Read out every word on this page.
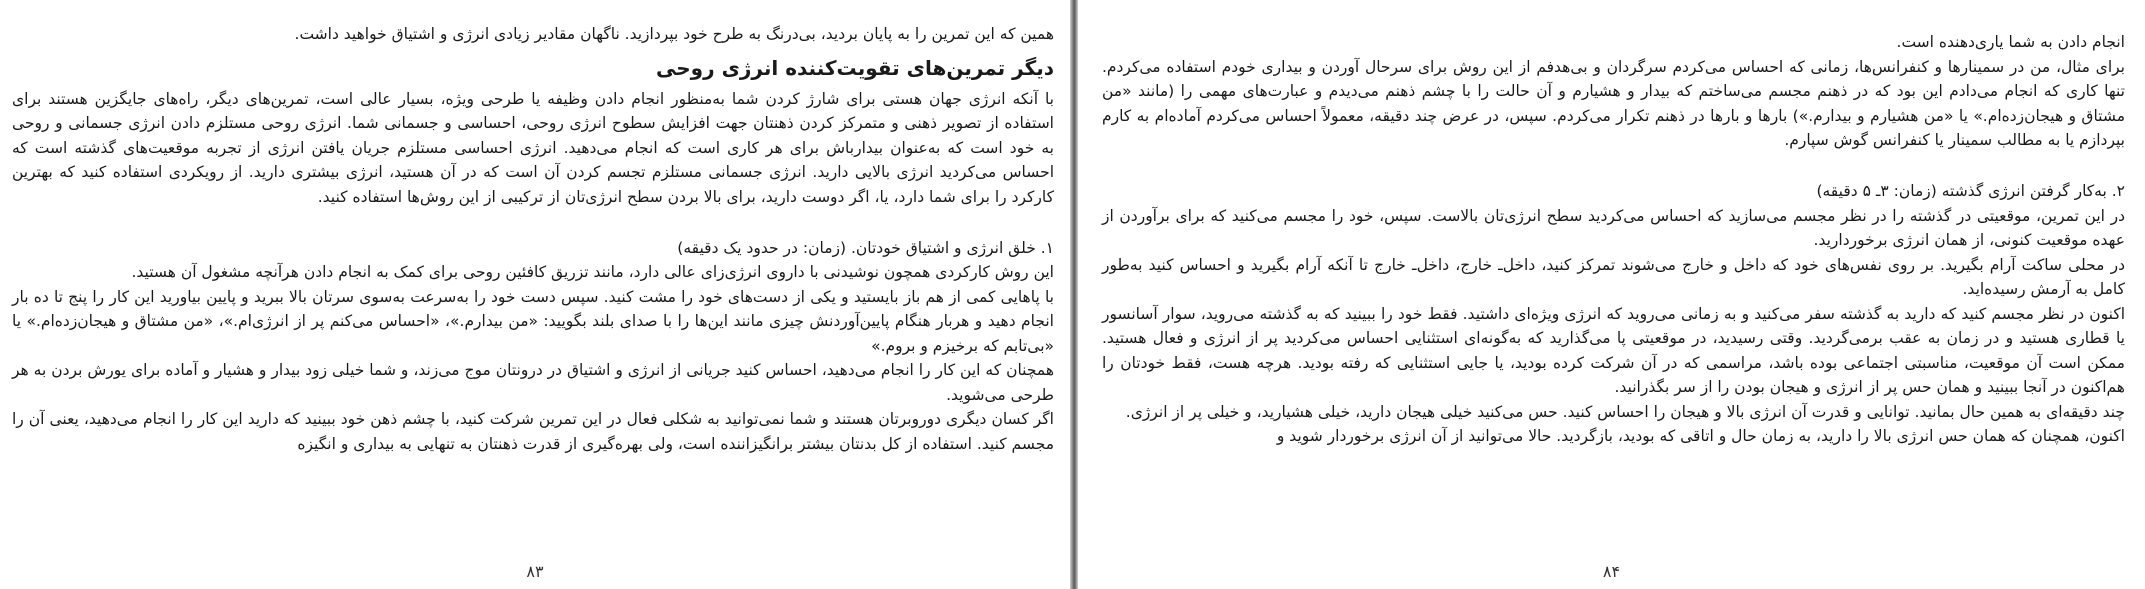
همین که این تمرین را به پایان بردید، بی‌درنگ به طرح خود بپردازید. ناگهان مقادیر زیادی انرژی و اشتیاق خواهید داشت.

دیگر تمرین‌های تقویت‌کننده انرژی روحی

با آنکه انرژی جهان هستی برای شارژ کردن شما به‌منظور انجام دادن وظیفه یا طرحی ویژه، بسیار عالی است، تمرین‌های دیگر، راه‌های جایگزین هستند برای استفاده از تصویر ذهنی و متمرکز کردن ذهنتان جهت افزایش سطوح انرژی روحی، احساسی و جسمانی شما. انرژی روحی مستلزم دادن انرژی جسمانی و روحی به خود است که به‌عنوان بیدارباش برای هر کاری است که انجام می‌دهید. انرژی احساسی مستلزم جریان یافتن انرژی از تجربه موقعیت‌های گذشته است که احساس می‌کردید انرژی بالایی دارید. انرژی جسمانی مستلزم تجسم کردن آن است که در آن هستید، انرژی بیشتری دارید. از رویکردی استفاده کنید که بهترین کارکرد را برای شما دارد، یا، اگر دوست دارید، برای بالا بردن سطح انرژی‌تان از ترکیبی از این روش‌ها استفاده کنید.

۱. خلق انرژی و اشتیاق خودتان. (زمان: در حدود یک دقیقه)

این روش کارکردی همچون نوشیدنی با داروی انرژی‌زای عالی دارد، مانند تزریق کافئین روحی برای کمک به انجام دادن هرآنچه مشغول آن هستید.

با پاهایی کمی از هم باز بایستید و یکی از دست‌های خود را مشت کنید. سپس دست خود را به‌سرعت به‌سوی سرتان بالا ببرید و پایین بیاورید این کار را پنج تا ده بار انجام دهید و هربار هنگام پایین‌آوردنش چیزی مانند این‌ها را با صدای بلند بگویید: «من بیدارم.»، «احساس می‌کنم پر از انرژی‌ام.»، «من مشتاق و هیجان‌زده‌ام.» یا «بی‌تابم که برخیزم و بروم.»

همچنان که این کار را انجام می‌دهید، احساس کنید جریانی از انرژی و اشتیاق در درونتان موج می‌زند، و شما خیلی زود بیدار و هشیار و آماده برای یورش بردن به هر طرحی می‌شوید.

اگر کسان دیگری دوروبرتان هستند و شما نمی‌توانید به شکلی فعال در این تمرین شرکت کنید، با چشم ذهن خود ببینید که دارید این کار را انجام می‌دهید، یعنی آن را مجسم کنید. استفاده از کل بدنتان بیشتر برانگیزاننده است، ولی بهره‌گیری از قدرت ذهنتان به تنهایی به بیداری و انگیزه

۸۳

انجام دادن به شما یاری‌دهنده است.

برای مثال، من در سمینارها و کنفرانس‌ها، زمانی که احساس می‌کردم سرگردان و بی‌هدفم از این روش برای سرحال آوردن و بیداری خودم استفاده می‌کردم. تنها کاری که انجام می‌دادم این بود که در ذهنم مجسم می‌ساختم که بیدار و هشیارم و آن حالت را با چشم ذهنم می‌دیدم و عبارت‌های مهمی را (مانند «من مشتاق و هیجان‌زده‌ام.» یا «من هشیارم و بیدارم.») بارها و بارها در ذهنم تکرار می‌کردم. سپس، در عرض چند دقیقه، معمولاً احساس می‌کردم آماده‌ام به کارم بپردازم یا به مطالب سمینار یا کنفرانس گوش سپارم.

۲. به‌کار گرفتن انرژی گذشته (زمان: ۳ـ ۵ دقیقه)

در این تمرین، موقعیتی در گذشته را در نظر مجسم می‌سازید که احساس می‌کردید سطح انرژی‌تان بالاست. سپس، خود را مجسم می‌کنید که برای برآوردن از عهده موقعیت کنونی، از همان انرژی برخوردارید.

در محلی ساکت آرام بگیرید. بر روی نفس‌های خود که داخل و خارج می‌شوند تمرکز کنید، داخل‌ـ خارج، داخل‌ـ خارج تا آنکه آرام بگیرید و احساس کنید به‌طور کامل به آرمش رسیده‌اید.

اکنون در نظر مجسم کنید که دارید به گذشته سفر می‌کنید و به زمانی می‌روید که انرژی ویژه‌ای داشتید. فقط خود را ببینید که به گذشته می‌روید، سوار آسانسور یا قطاری هستید و در زمان به عقب برمی‌گردید. وقتی رسیدید، در موقعیتی پا می‌گذارید که به‌گونه‌ای استثنایی احساس می‌کردید پر از انرژی و فعال هستید. ممکن است آن موقعیت، مناسبتی اجتماعی بوده باشد، مراسمی که در آن شرکت کرده بودید، یا جایی استثنایی که رفته بودید. هرچه هست، فقط خودتان را هم‌اکنون در آنجا ببینید و همان حس پر از انرژی و هیجان بودن را از سر بگذرانید.

چند دقیقه‌ای به همین حال بمانید. توانایی و قدرت آن انرژی بالا و هیجان را احساس کنید. حس می‌کنید خیلی هیجان دارید، خیلی هشیارید، و خیلی پر از انرژی.

اکنون، همچنان که همان حس انرژی بالا را دارید، به زمان حال و اتاقی که بودید، بازگردید. حالا می‌توانید از آن انرژی برخوردار شوید و

۸۴
